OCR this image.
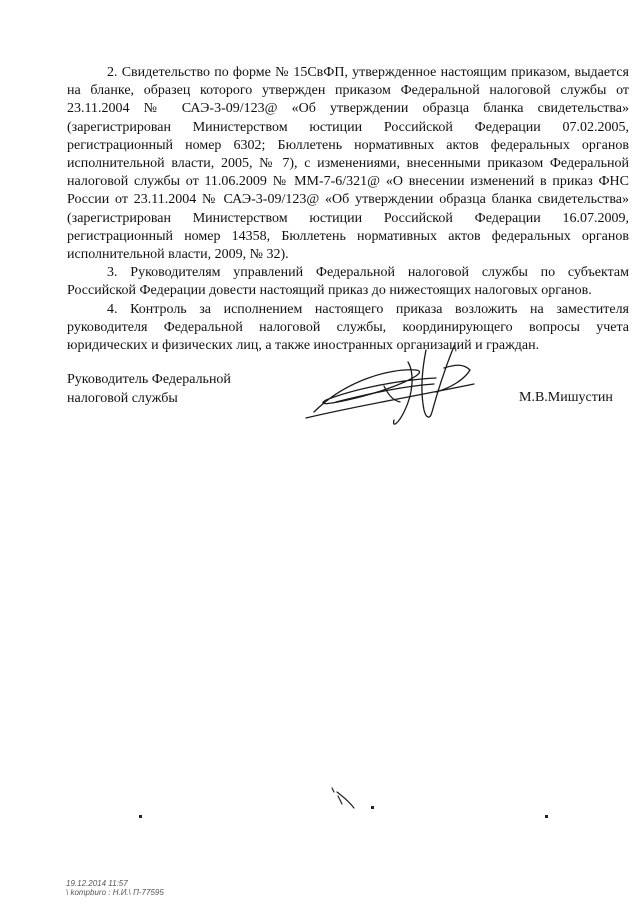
2. Свидетельство по форме № 15СвФП, утвержденное настоящим приказом, выдается на бланке, образец которого утвержден приказом Федеральной налоговой службы от 23.11.2004 № САЭ-3-09/123@ «Об утверждении образца бланка свидетельства» (зарегистрирован Министерством юстиции Российской Федерации 07.02.2005, регистрационный номер 6302; Бюллетень нормативных актов федеральных органов исполнительной власти, 2005, № 7), с изменениями, внесенными приказом Федеральной налоговой службы от 11.06.2009 № ММ-7-6/321@ «О внесении изменений в приказ ФНС России от 23.11.2004 № САЭ-3-09/123@ «Об утверждении образца бланка свидетельства» (зарегистрирован Министерством юстиции Российской Федерации 16.07.2009, регистрационный номер 14358, Бюллетень нормативных актов федеральных органов исполнительной власти, 2009, № 32).

3. Руководителям управлений Федеральной налоговой службы по субъектам Российской Федерации довести настоящий приказ до нижестоящих налоговых органов.

4. Контроль за исполнением настоящего приказа возложить на заместителя руководителя Федеральной налоговой службы, координирующего вопросы учета юридических и физических лиц, а также иностранных организаций и граждан.

Руководитель Федеральной
налоговой службы	М.В.Мишустин
19.12.2014 11:57
\ kompburo : Н.И.\ П-77595
